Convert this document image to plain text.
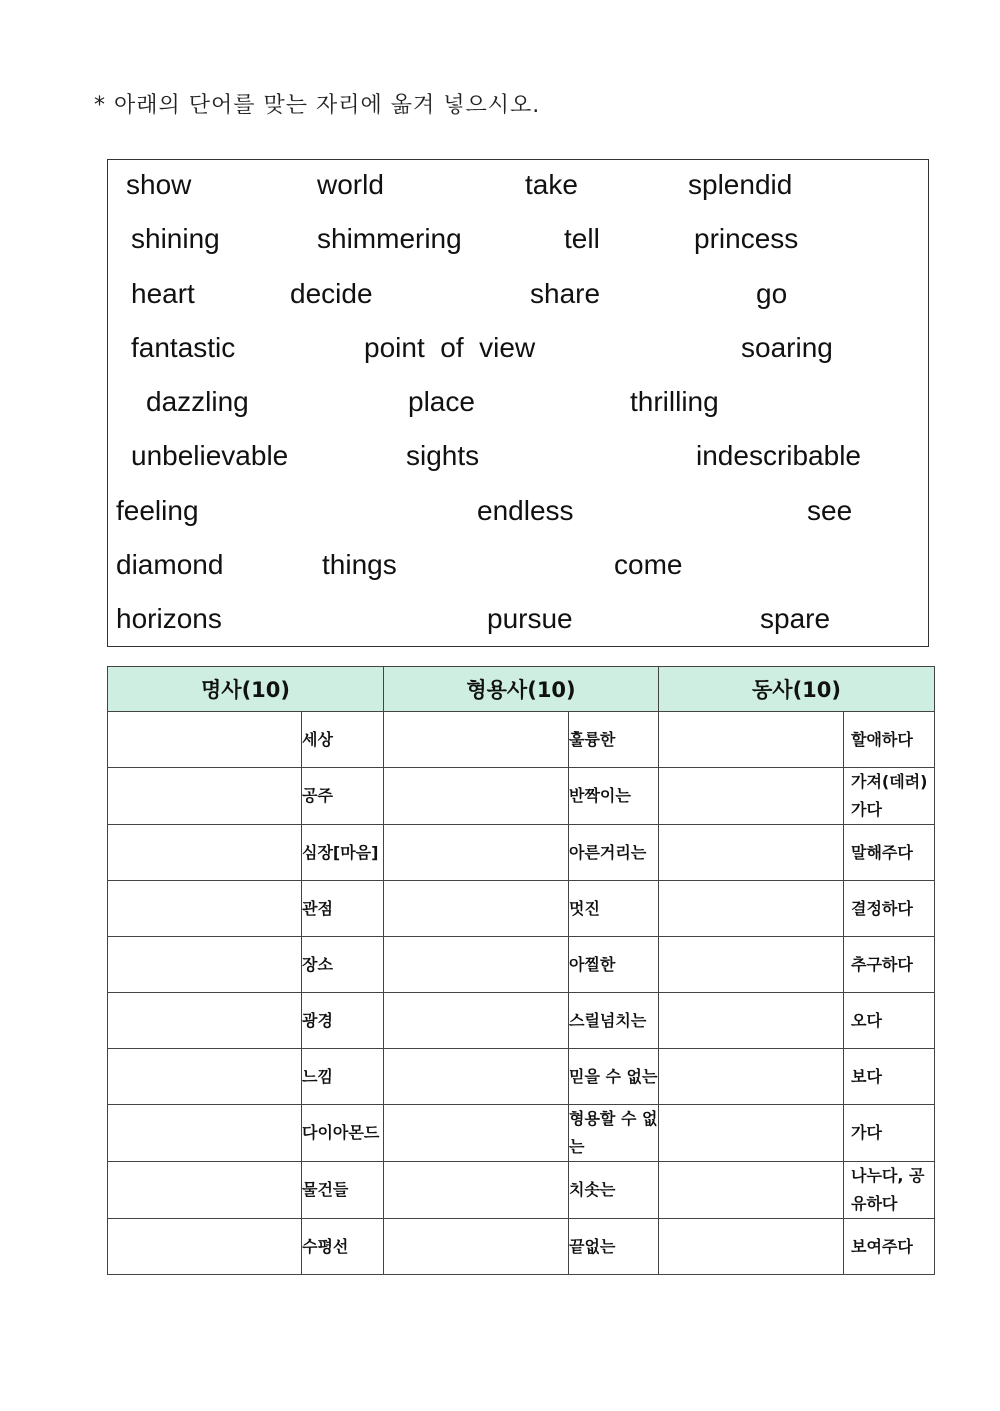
* 아래의 단어를 맞는 자리에 옮겨 넣으시오.
show	world	take	splendid
shining	shimmering	tell	princess
heart	decide	share	go
fantastic	point  of  view	soaring
dazzling	place	thrilling
unbelievable	sights	indescribable
feeling	endless	see
diamond	things	come
horizons	pursue	spare
명사(10)		형용사(10)		동사(10)	
	세상		훌륭한		할애하다
	공주		반짝이는		가져(데려)가다
	심장[마음]		아른거리는		말해주다
	관점		멋진		결정하다
	장소		아찔한		추구하다
	광경		스릴넘치는		오다
	느낌		믿을 수 없는		보다
	다이아몬드		형용할 수 없는		가다
	물건들		치솟는		나누다, 공유하다
	수평선		끝없는		보여주다
